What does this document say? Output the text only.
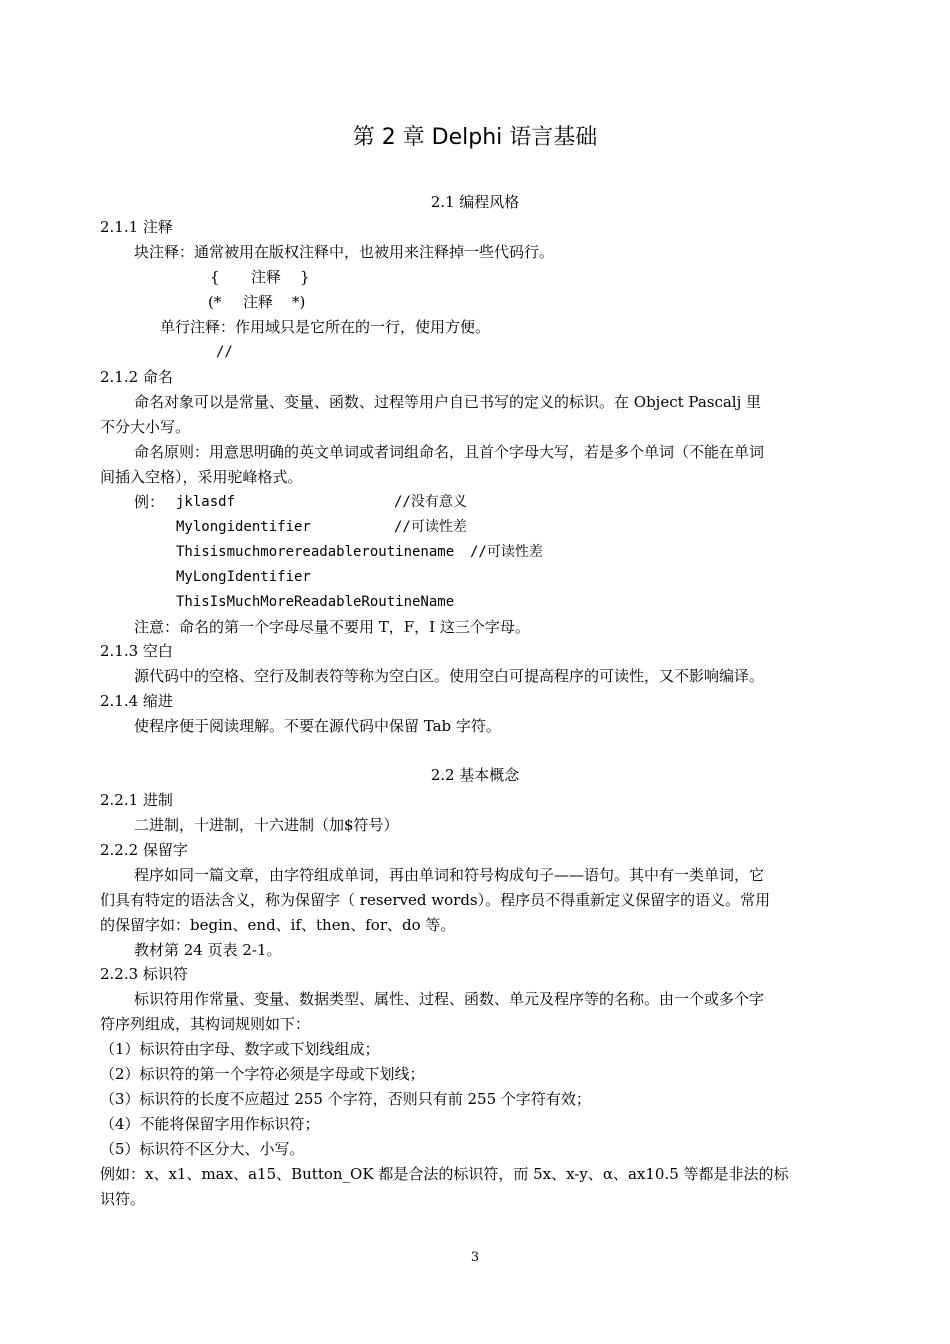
第 2 章 Delphi 语言基础
2.1 编程风格
2.1.1 注释
块注释：通常被用在版权注释中，也被用来注释掉一些代码行。
{ 注释 }
(* 注释 *)
单行注释：作用域只是它所在的一行，使用方便。
//
2.1.2 命名
命名对象可以是常量、变量、函数、过程等用户自已书写的定义的标识。在 Object Pascalj 里
不分大小写。
命名原则：用意思明确的英文单词或者词组命名，且首个字母大写，若是多个单词（不能在单词
间插入空格），采用驼峰格式。
例： jklasdf	//没有意义
Mylongidentifier	//可读性差
Thisismuchmorereadableroutinename //可读性差
MyLongIdentifier
ThisIsMuchMoreReadableRoutineName
注意：命名的第一个字母尽量不要用 T，F，I 这三个字母。
2.1.3 空白
源代码中的空格、空行及制表符等称为空白区。使用空白可提高程序的可读性，又不影响编译。
2.1.4 缩进
使程序便于阅读理解。不要在源代码中保留 Tab 字符。
2.2 基本概念
2.2.1 进制
二进制，十进制，十六进制（加$符号）
2.2.2 保留字
程序如同一篇文章，由字符组成单词，再由单词和符号构成句子——语句。其中有一类单词，它
们具有特定的语法含义，称为保留字（ reserved words）。程序员不得重新定义保留字的语义。常用
的保留字如：begin、end、if、then、for、do 等。
教材第 24 页表 2-1。
2.2.3 标识符
标识符用作常量、变量、数据类型、属性、过程、函数、单元及程序等的名称。由一个或多个字
符序列组成，其构词规则如下：
（1）标识符由字母、数字或下划线组成；
（2）标识符的第一个字符必须是字母或下划线；
（3）标识符的长度不应超过 255 个字符，否则只有前 255 个字符有效；
（4）不能将保留字用作标识符；
（5）标识符不区分大、小写。
例如：x、x1、max、a15、Button_OK 都是合法的标识符，而 5x、x-y、α、ax10.5 等都是非法的标
识符。
3
